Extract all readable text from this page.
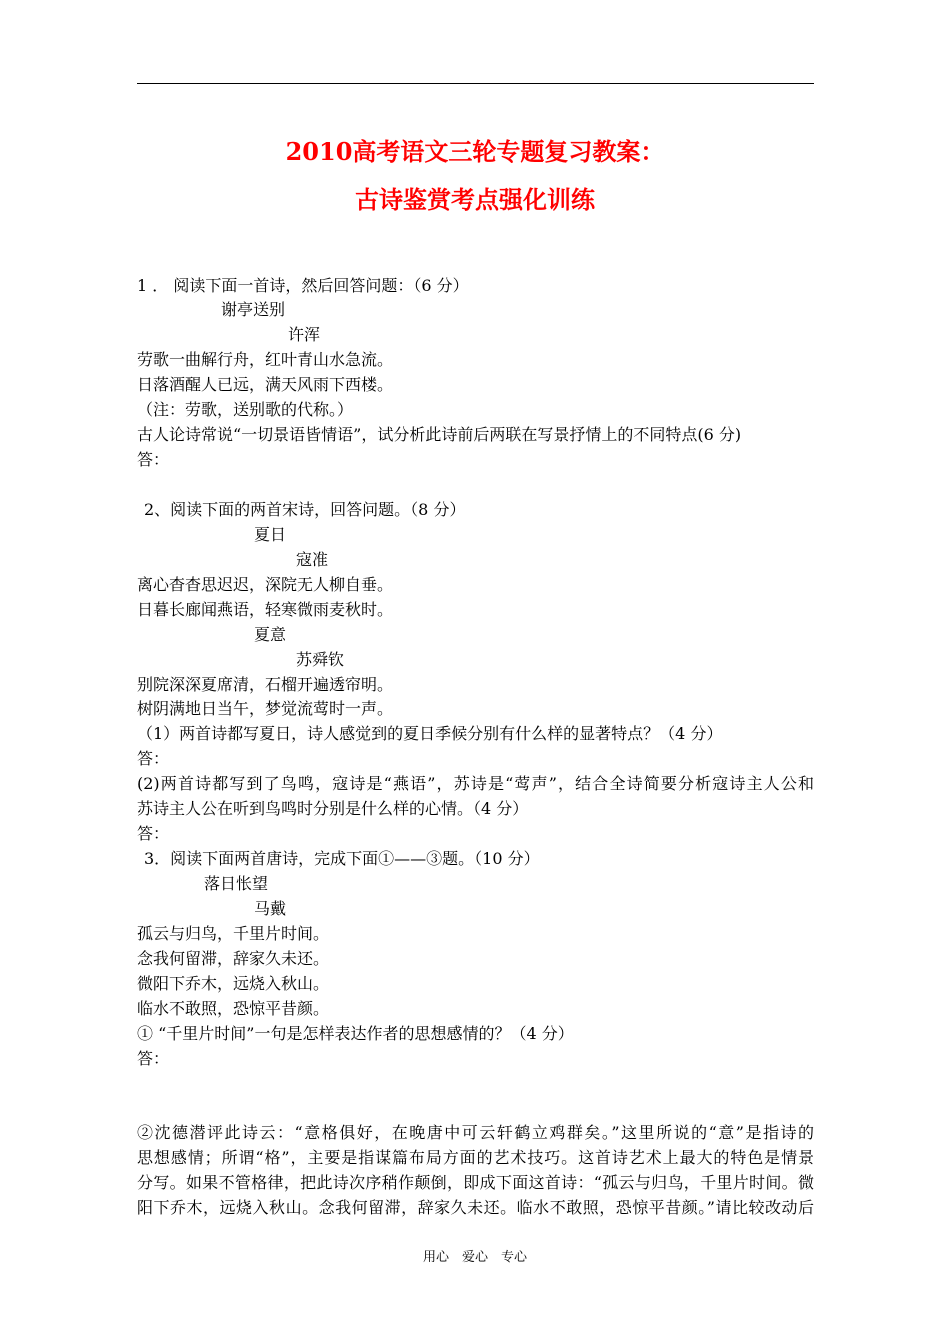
2010高考语文三轮专题复习教案：
古诗鉴赏考点强化训练
1 ． 阅读下面一首诗，然后回答问题：（6 分）
谢亭送别
许浑
劳歌一曲解行舟，红叶青山水急流。
日落酒醒人已远，满天风雨下西楼。
（注：劳歌，送别歌的代称。）
古人论诗常说“一切景语皆情语”，试分析此诗前后两联在写景抒情上的不同特点(6 分)
答：
2、阅读下面的两首宋诗，回答问题。（8 分）
夏日
寇准
离心杳杳思迟迟，深院无人柳自垂。
日暮长廊闻燕语，轻寒微雨麦秋时。
夏意
苏舜钦
别院深深夏席清，石榴开遍透帘明。
树阴满地日当午，梦觉流莺时一声。
（1）两首诗都写夏日，诗人感觉到的夏日季候分别有什么样的显著特点？（4 分）
答：
(2)两首诗都写到了鸟鸣，寇诗是“燕语”，苏诗是“莺声”，结合全诗简要分析寇诗主人公和
苏诗主人公在听到鸟鸣时分别是什么样的心情。（4 分）
答：
3．阅读下面两首唐诗，完成下面①——③题。（10 分）
落日怅望
马戴
孤云与归鸟，千里片时间。
念我何留滞，辞家久未还。
微阳下乔木，远烧入秋山。
临水不敢照，恐惊平昔颜。
① “千里片时间”一句是怎样表达作者的思想感情的？（4 分）
答：
②沈德潜评此诗云：“意格俱好，在晚唐中可云轩鹤立鸡群矣。”这里所说的“意”是指诗的
思想感情；所谓“格”，主要是指谋篇布局方面的艺术技巧。这首诗艺术上最大的特色是情景
分写。如果不管格律，把此诗次序稍作颠倒，即成下面这首诗：“孤云与归鸟，千里片时间。微
阳下乔木，远烧入秋山。念我何留滞，辞家久未还。临水不敢照，恐惊平昔颜。”请比较改动后
用心　爱心　专心
